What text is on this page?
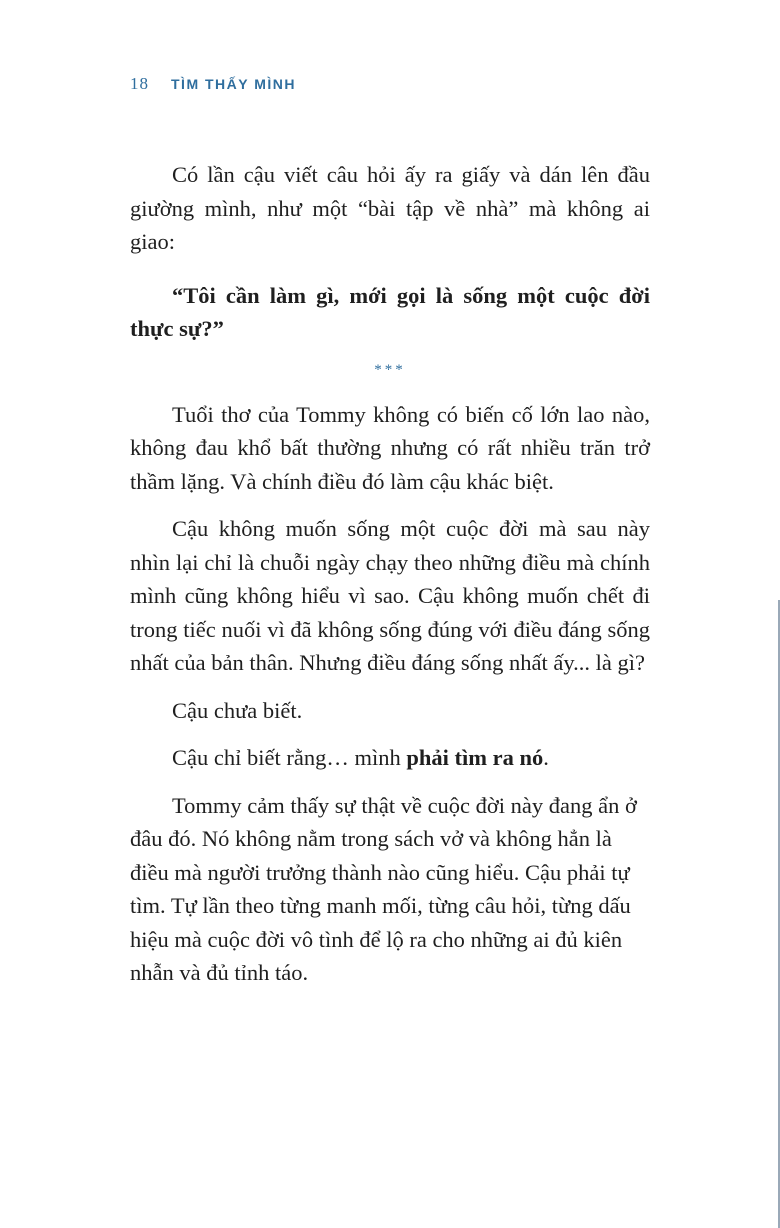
18 TÌM THẤY MÌNH

Có lần cậu viết câu hỏi ấy ra giấy và dán lên đầu giường mình, như một “bài tập về nhà” mà không ai giao:

“Tôi cần làm gì, mới gọi là sống một cuộc đời thực sự?”

***

Tuổi thơ của Tommy không có biến cố lớn lao nào, không đau khổ bất thường nhưng có rất nhiều trăn trở thầm lặng. Và chính điều đó làm cậu khác biệt.

Cậu không muốn sống một cuộc đời mà sau này nhìn lại chỉ là chuỗi ngày chạy theo những điều mà chính mình cũng không hiểu vì sao. Cậu không muốn chết đi trong tiếc nuối vì đã không sống đúng với điều đáng sống nhất của bản thân. Nhưng điều đáng sống nhất ấy... là gì?

Cậu chưa biết.

Cậu chỉ biết rằng… mình phải tìm ra nó.

Tommy cảm thấy sự thật về cuộc đời này đang ẩn ở đâu đó. Nó không nằm trong sách vở và không hẳn là điều mà người trưởng thành nào cũng hiểu. Cậu phải tự tìm. Tự lần theo từng manh mối, từng câu hỏi, từng dấu hiệu mà cuộc đời vô tình để lộ ra cho những ai đủ kiên nhẫn và đủ tỉnh táo.
